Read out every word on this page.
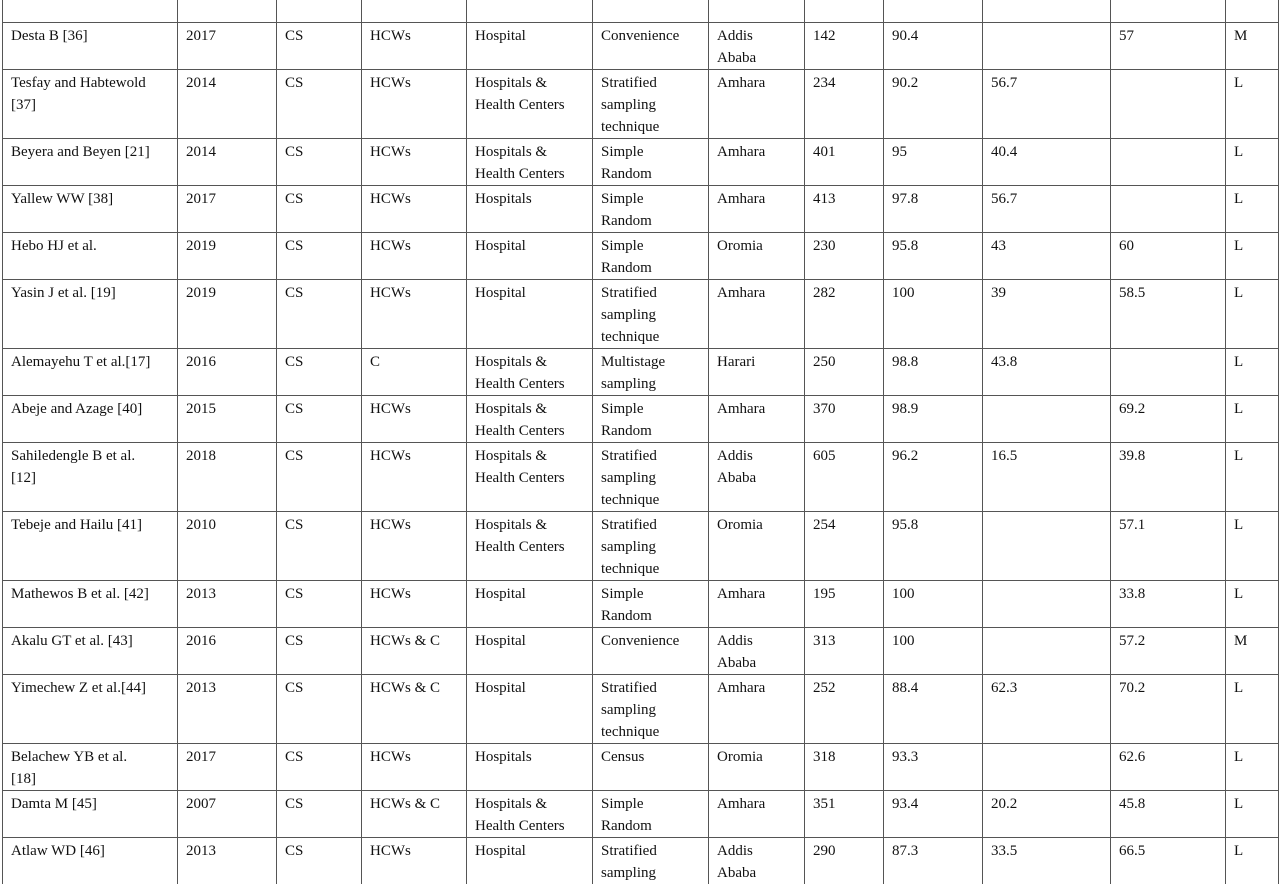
Desta B [36]	2017	CS	HCWs	Hospital	Convenience	Addis
Ababa	142	90.4		57	M
Tesfay and Habtewold
[37]	2014	CS	HCWs	Hospitals &
Health Centers	Stratified
sampling
technique	Amhara	234	90.2	56.7		L
Beyera and Beyen [21]	2014	CS	HCWs	Hospitals &
Health Centers	Simple
Random	Amhara	401	95	40.4		L
Yallew WW [38]	2017	CS	HCWs	Hospitals	Simple
Random	Amhara	413	97.8	56.7		L
Hebo HJ et al.	2019	CS	HCWs	Hospital	Simple
Random	Oromia	230	95.8	43	60	L
Yasin J et al. [19]	2019	CS	HCWs	Hospital	Stratified
sampling
technique	Amhara	282	100	39	58.5	L
Alemayehu T et al.[17]	2016	CS	C	Hospitals &
Health Centers	Multistage
sampling	Harari	250	98.8	43.8		L
Abeje and Azage [40]	2015	CS	HCWs	Hospitals &
Health Centers	Simple
Random	Amhara	370	98.9		69.2	L
Sahiledengle B et al.
[12]	2018	CS	HCWs	Hospitals &
Health Centers	Stratified
sampling
technique	Addis
Ababa	605	96.2	16.5	39.8	L
Tebeje and Hailu [41]	2010	CS	HCWs	Hospitals &
Health Centers	Stratified
sampling
technique	Oromia	254	95.8		57.1	L
Mathewos B et al. [42]	2013	CS	HCWs	Hospital	Simple
Random	Amhara	195	100		33.8	L
Akalu GT et al. [43]	2016	CS	HCWs & C	Hospital	Convenience	Addis
Ababa	313	100		57.2	M
Yimechew Z et al.[44]	2013	CS	HCWs & C	Hospital	Stratified
sampling
technique	Amhara	252	88.4	62.3	70.2	L
Belachew YB et al.
[18]	2017	CS	HCWs	Hospitals	Census	Oromia	318	93.3		62.6	L
Damta M [45]	2007	CS	HCWs & C	Hospitals &
Health Centers	Simple
Random	Amhara	351	93.4	20.2	45.8	L
Atlaw WD [46]	2013	CS	HCWs	Hospital	Stratified
sampling	Addis
Ababa	290	87.3	33.5	66.5	L
